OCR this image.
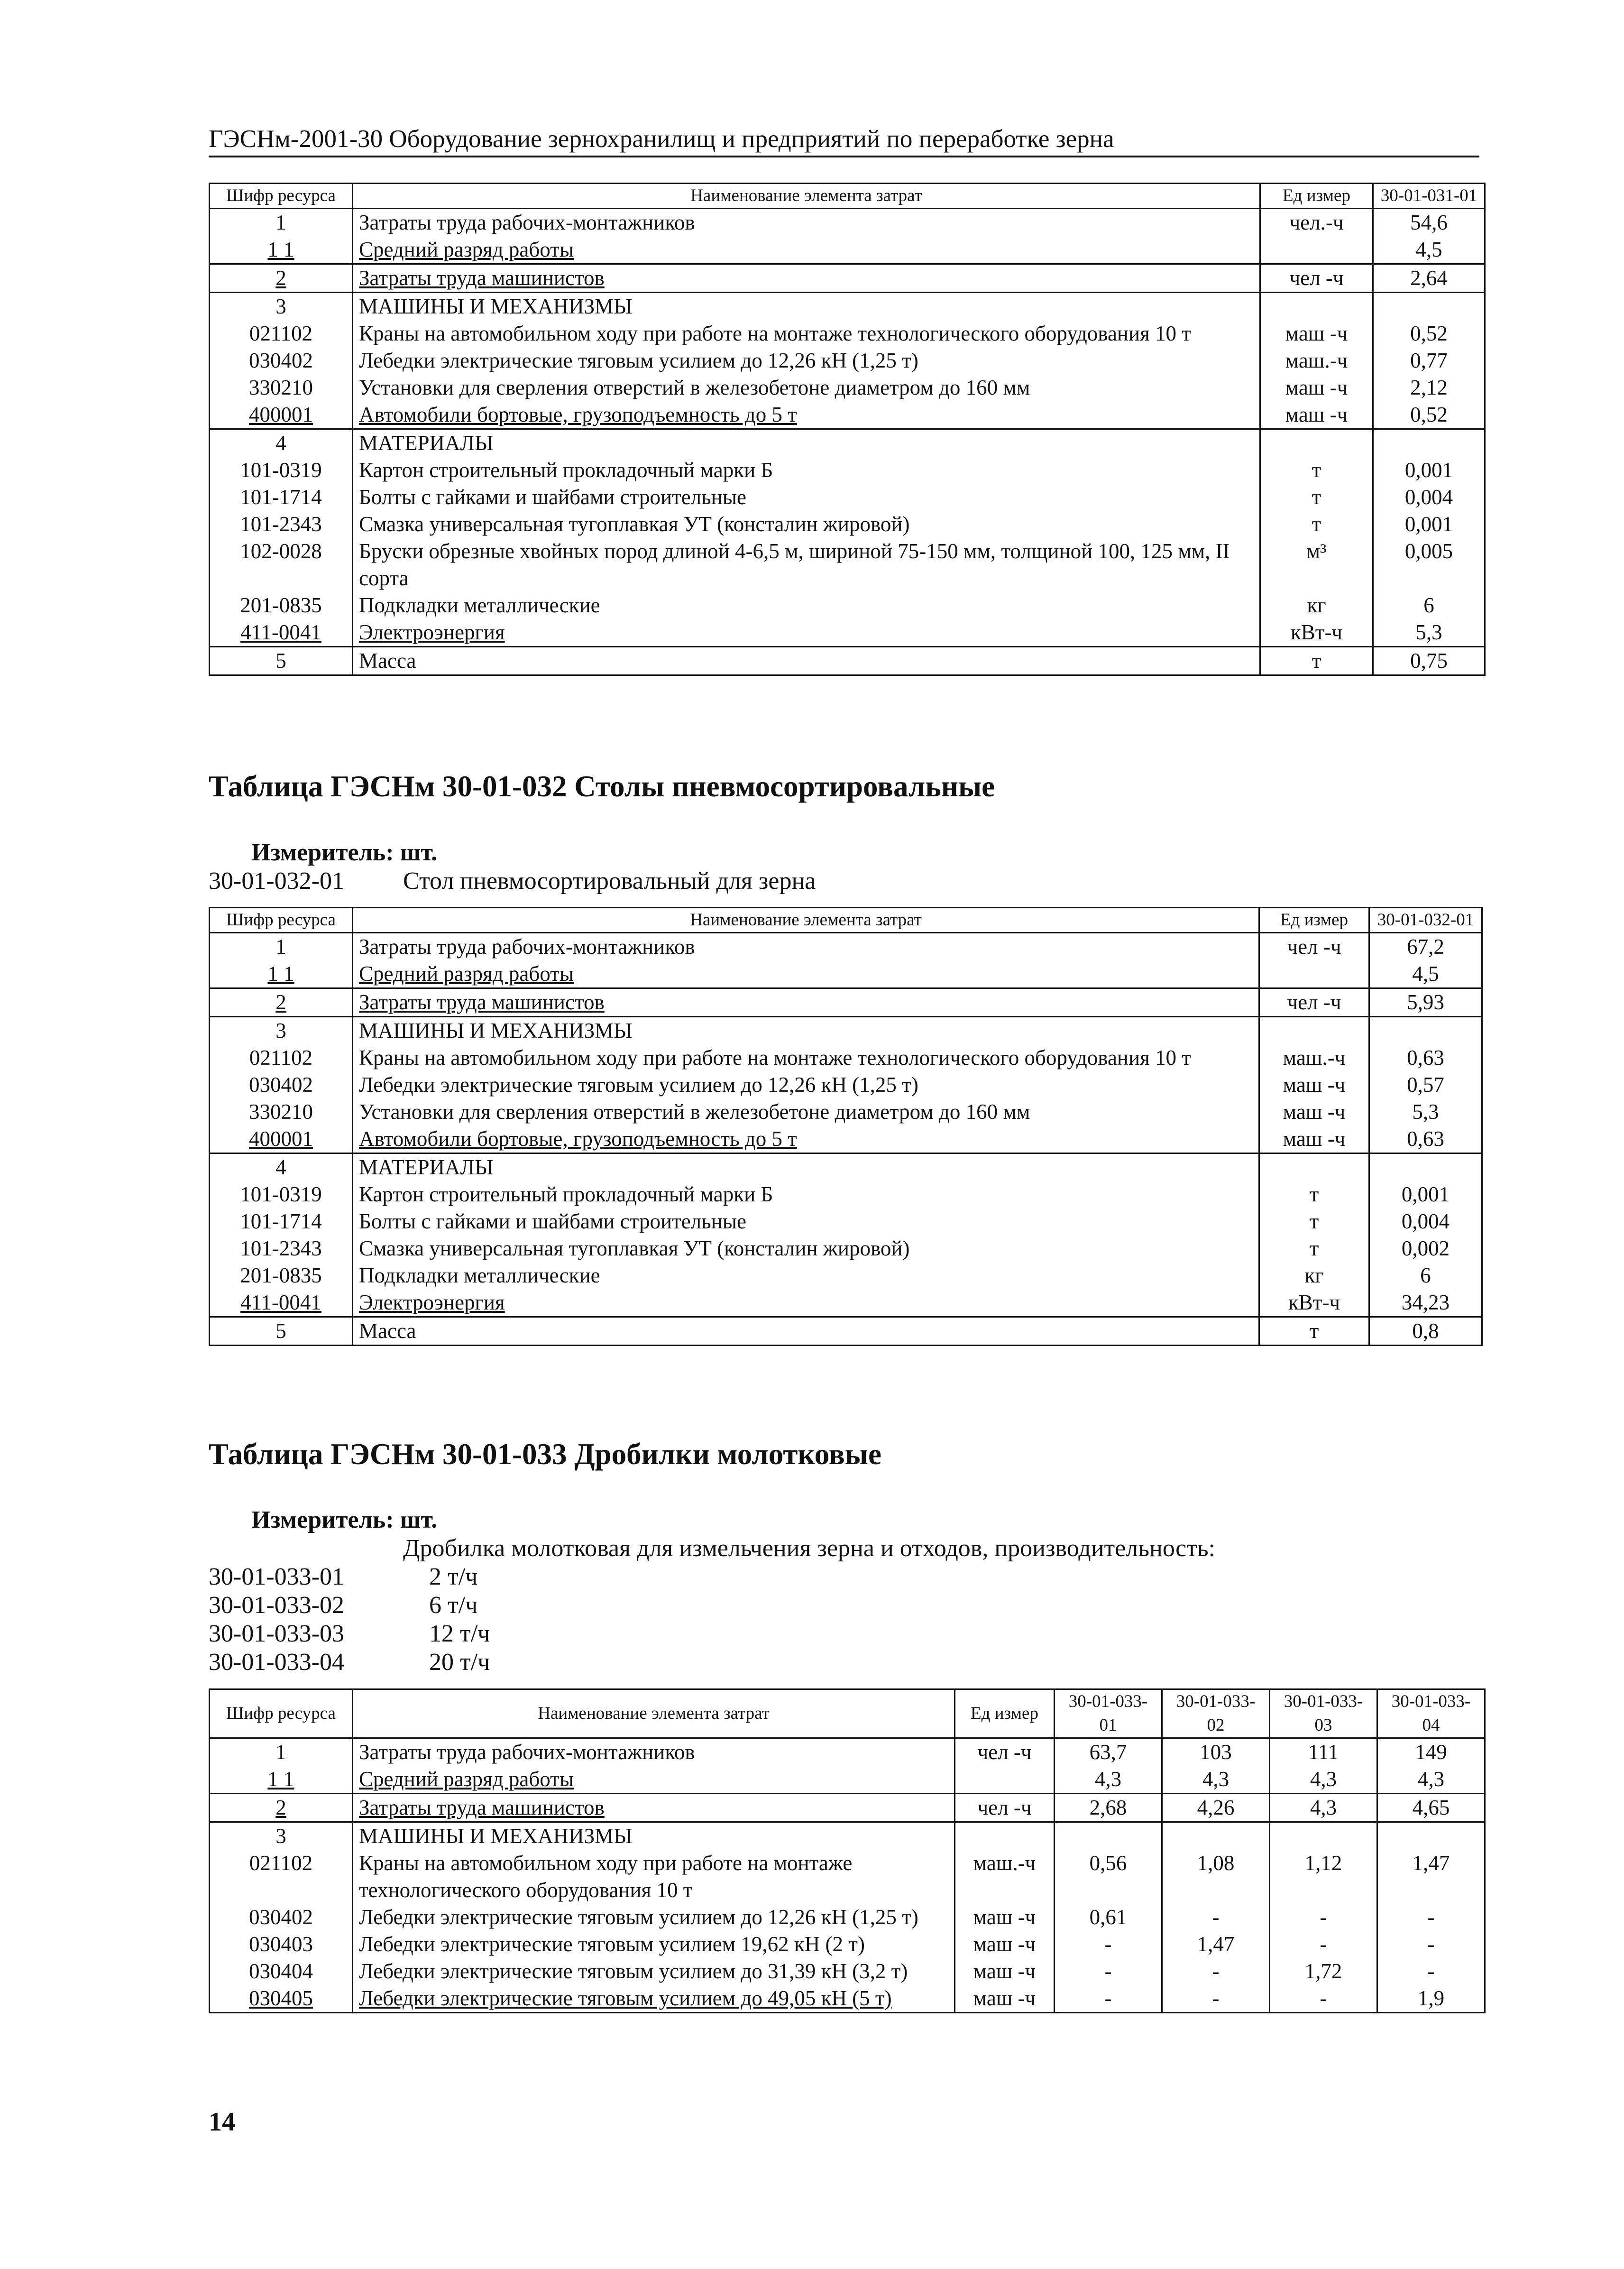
ГЭСНм-2001-30 Оборудование зернохранилищ и предприятий по переработке зерна
Шифр ресурса	Наименование элемента затрат	Ед измер	30-01-031-01
1	Затраты труда рабочих-монтажников	чел.-ч	54,6
1 1	Средний разряд работы		4,5
2	Затраты труда машинистов	чел -ч	2,64
3	МАШИНЫ И МЕХАНИЗМЫ		
021102	Краны на автомобильном ходу при работе на монтаже технологического оборудования 10 т	маш -ч	0,52
030402	Лебедки электрические тяговым усилием до 12,26 кН (1,25 т)	маш.-ч	0,77
330210	Установки для сверления отверстий в железобетоне диаметром до 160 мм	маш -ч	2,12
400001	Автомобили бортовые, грузоподъемность до 5 т	маш -ч	0,52
4	МАТЕРИАЛЫ		
101-0319	Картон строительный прокладочный марки Б	т	0,001
101-1714	Болты с гайками и шайбами строительные	т	0,004
101-2343	Смазка универсальная тугоплавкая УТ (консталин жировой)	т	0,001
102-0028	Бруски обрезные хвойных пород длиной 4-6,5 м, шириной 75-150 мм, толщиной 100, 125 мм, II сорта	м³	0,005
201-0835	Подкладки металлические	кг	6
411-0041	Электроэнергия	кВт-ч	5,3
5	Масса	т	0,75
Таблица ГЭСНм 30-01-032 Столы пневмосортировальные
Измеритель: шт.
30-01-032-01 Стол пневмосортировальный для зерна
Шифр ресурса	Наименование элемента затрат	Ед измер	30-01-032-01
1	Затраты труда рабочих-монтажников	чел -ч	67,2
1 1	Средний разряд работы		4,5
2	Затраты труда машинистов	чел -ч	5,93
3	МАШИНЫ И МЕХАНИЗМЫ		
021102	Краны на автомобильном ходу при работе на монтаже технологического оборудования 10 т	маш.-ч	0,63
030402	Лебедки электрические тяговым усилием до 12,26 кН (1,25 т)	маш -ч	0,57
330210	Установки для сверления отверстий в железобетоне диаметром до 160 мм	маш -ч	5,3
400001	Автомобили бортовые, грузоподъемность до 5 т	маш -ч	0,63
4	МАТЕРИАЛЫ		
101-0319	Картон строительный прокладочный марки Б	т	0,001
101-1714	Болты с гайками и шайбами строительные	т	0,004
101-2343	Смазка универсальная тугоплавкая УТ (консталин жировой)	т	0,002
201-0835	Подкладки металлические	кг	6
411-0041	Электроэнергия	кВт-ч	34,23
5	Масса	т	0,8
Таблица ГЭСНм 30-01-033 Дробилки молотковые
Измеритель: шт.
Дробилка молотковая для измельчения зерна и отходов, производительность:
30-01-033-01	2 т/ч
30-01-033-02	6 т/ч
30-01-033-03	12 т/ч
30-01-033-04	20 т/ч
Шифр ресурса	Наименование элемента затрат	Ед измер	30-01-033-01	30-01-033-02	30-01-033-03	30-01-033-04
1	Затраты труда рабочих-монтажников	чел -ч	63,7	103	111	149
1 1	Средний разряд работы		4,3	4,3	4,3	4,3
2	Затраты труда машинистов	чел -ч	2,68	4,26	4,3	4,65
3	МАШИНЫ И МЕХАНИЗМЫ					
021102	Краны на автомобильном ходу при работе на монтаже технологического оборудования 10 т	маш.-ч	0,56	1,08	1,12	1,47
030402	Лебедки электрические тяговым усилием до 12,26 кН (1,25 т)	маш -ч	0,61	-	-	-
030403	Лебедки электрические тяговым усилием 19,62 кН (2 т)	маш -ч	-	1,47	-	-
030404	Лебедки электрические тяговым усилием до 31,39 кН (3,2 т)	маш -ч	-	-	1,72	-
030405	Лебедки электрические тяговым усилием до 49,05 кН (5 т)	маш -ч	-	-	-	1,9
14
